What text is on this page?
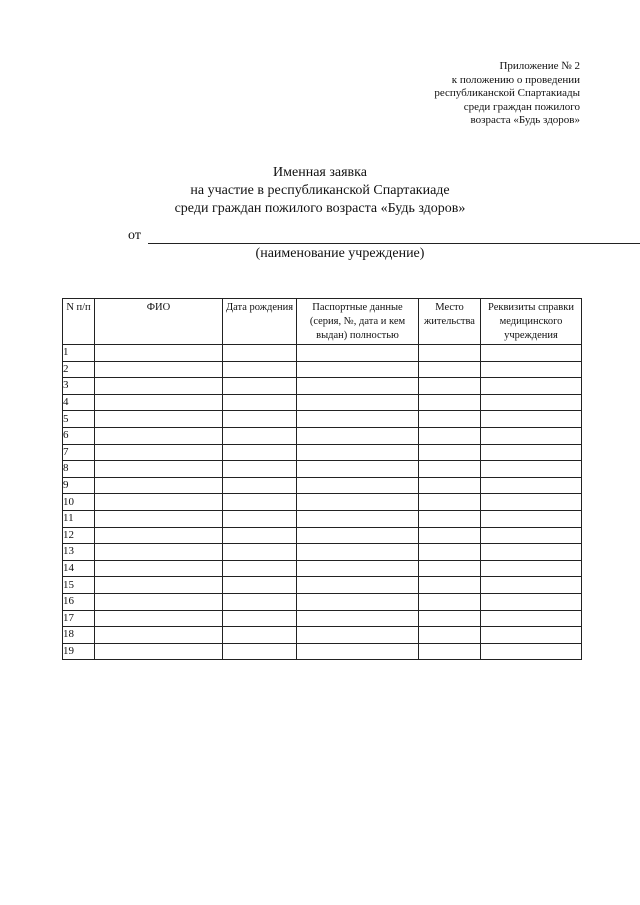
Приложение № 2
к положению о проведении
республиканской Спартакиады
среди граждан пожилого
возраста «Будь здоров»
Именная заявка
на участие в республиканской Спартакиаде
среди граждан пожилого возраста «Будь здоров»
от
(наименование учреждение)
N п/п	ФИО	Дата рождения	Паспортные данные (серия, №, дата и кем выдан) полностью	Место жительства	Реквизиты справки медицинского учреждения
1					
2					
3					
4					
5					
6					
7					
8					
9					
10					
11					
12					
13					
14					
15					
16					
17					
18					
19					
